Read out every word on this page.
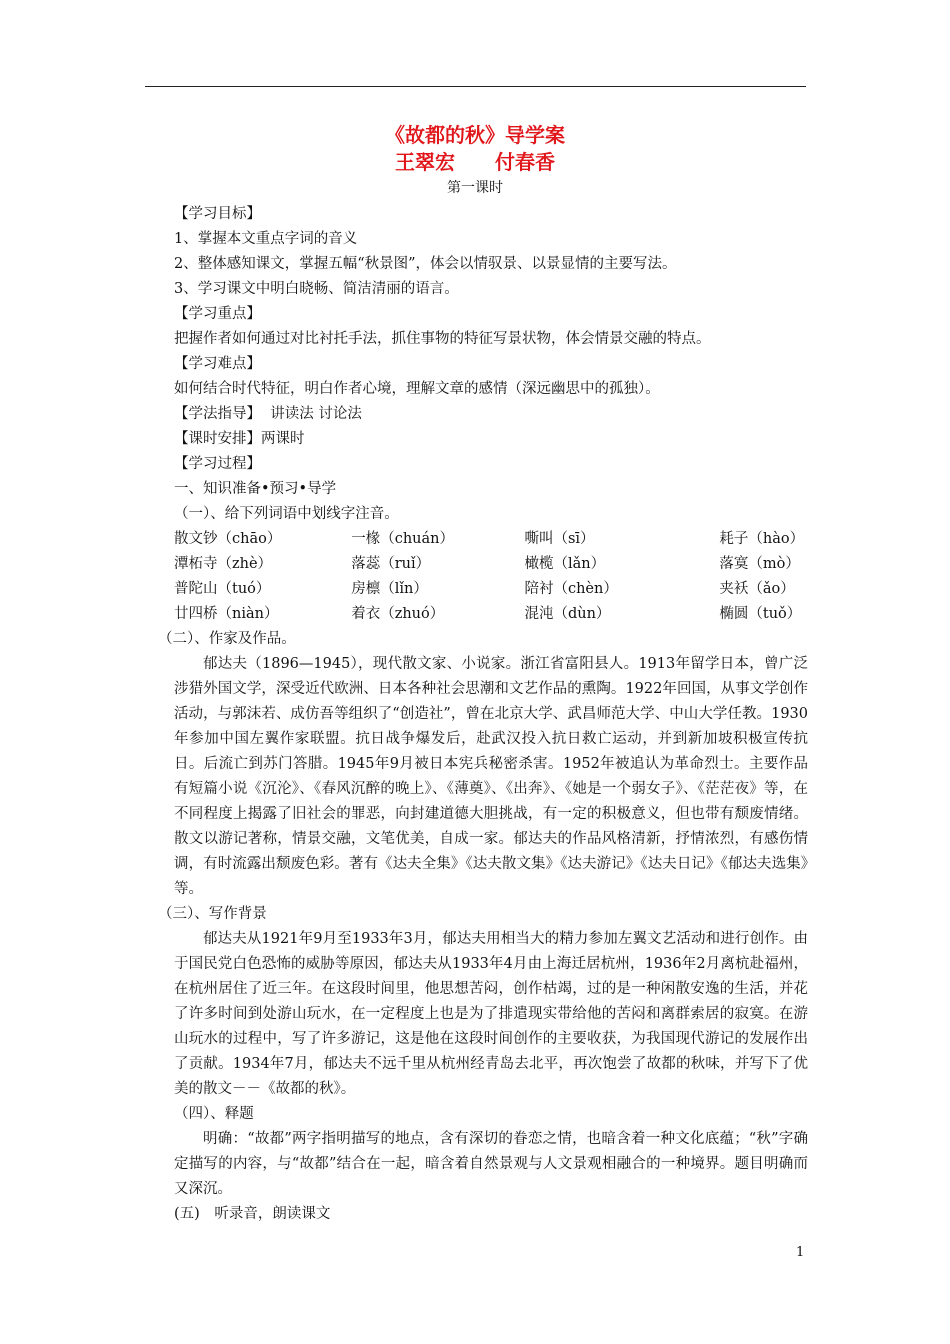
《故都的秋》导学案
王翠宏 付春香
第一课时
【学习目标】
1、掌握本文重点字词的音义
2、整体感知课文，掌握五幅“秋景图”，体会以情驭景、以景显情的主要写法。
3、学习课文中明白晓畅、简洁清丽的语言。
【学习重点】
把握作者如何通过对比衬托手法，抓住事物的特征写景状物，体会情景交融的特点。
【学习难点】
如何结合时代特征，明白作者心境，理解文章的感情（深远幽思中的孤独）。
【学法指导】  讲读法 讨论法
【课时安排】两课时
【学习过程】
一、知识准备•预习•导学
（一）、给下列词语中划线字注音。
散文钞（chāo）	一椽（chuán）	嘶叫（sī）	耗子（hào）
潭柘寺（zhè）	落蕊（ruǐ）	橄榄（lǎn）	落寞（mò）
普陀山（tuó）	房檩（lǐn）	陪衬（chèn）	夹袄（ǎo）
廿四桥（niàn）	着衣（zhuó）	混沌（dùn）	椭圆（tuǒ）
（二）、作家及作品。
郁达夫（1896—1945），现代散文家、小说家。浙江省富阳县人。1913年留学日本，曾广泛涉猎外国文学，深受近代欧洲、日本各种社会思潮和文艺作品的熏陶。1922年回国，从事文学创作活动，与郭沫若、成仿吾等组织了“创造社”，曾在北京大学、武昌师范大学、中山大学任教。1930年参加中国左翼作家联盟。抗日战争爆发后，赴武汉投入抗日救亡运动，并到新加坡积极宣传抗日。后流亡到苏门答腊。1945年9月被日本宪兵秘密杀害。1952年被追认为革命烈士。主要作品有短篇小说《沉沦》、《春风沉醉的晚上》、《薄奠》、《出奔》、《她是一个弱女子》、《茫茫夜》等，在不同程度上揭露了旧社会的罪恶，向封建道德大胆挑战，有一定的积极意义，但也带有颓废情绪。散文以游记著称，情景交融，文笔优美，自成一家。郁达夫的作品风格清新，抒情浓烈，有感伤情调，有时流露出颓废色彩。著有《达夫全集》《达夫散文集》《达夫游记》《达夫日记》《郁达夫选集》等。
（三）、写作背景
郁达夫从1921年9月至1933年3月，郁达夫用相当大的精力参加左翼文艺活动和进行创作。由于国民党白色恐怖的威胁等原因，郁达夫从1933年4月由上海迁居杭州，1936年2月离杭赴福州，在杭州居住了近三年。在这段时间里，他思想苦闷，创作枯竭，过的是一种闲散安逸的生活，并花了许多时间到处游山玩水，在一定程度上也是为了排遣现实带给他的苦闷和离群索居的寂寞。在游山玩水的过程中，写了许多游记，这是他在这段时间创作的主要收获，为我国现代游记的发展作出了贡献。1934年7月，郁达夫不远千里从杭州经青岛去北平，再次饱尝了故都的秋味，并写下了优美的散文－－《故都的秋》。
（四）、释题
明确：“故都”两字指明描写的地点，含有深切的眷恋之情，也暗含着一种文化底蕴；“秋”字确定描写的内容，与“故都”结合在一起，暗含着自然景观与人文景观相融合的一种境界。题目明确而又深沉。
(五)　听录音，朗读课文
1
